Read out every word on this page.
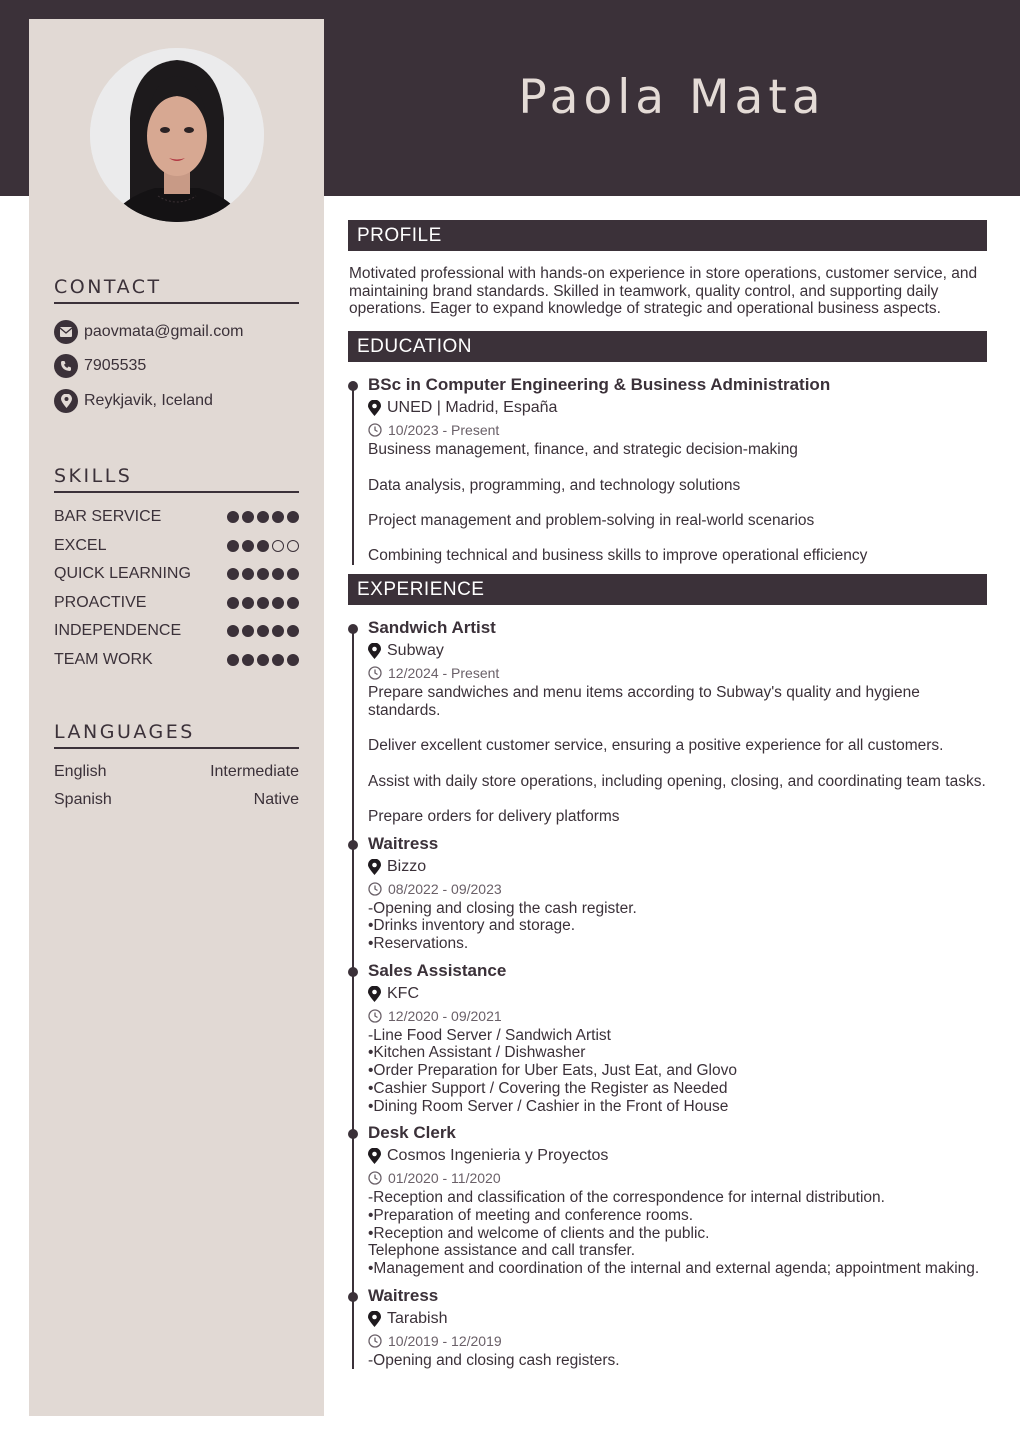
Paola Mata
CONTACT
paovmata@gmail.com
7905535
Reykjavik, Iceland
SKILLS
BAR SERVICE
EXCEL
QUICK LEARNING
PROACTIVE
INDEPENDENCE
TEAM WORK
LANGUAGES
English	Intermediate
Spanish	Native
PROFILE
Motivated professional with hands-on experience in store operations, customer service, and maintaining brand standards. Skilled in teamwork, quality control, and supporting daily operations. Eager to expand knowledge of strategic and operational business aspects.
EDUCATION
BSc in Computer Engineering & Business Administration
UNED | Madrid, España
10/2023 - Present
Business management, finance, and strategic decision-making

Data analysis, programming, and technology solutions

Project management and problem-solving in real-world scenarios

Combining technical and business skills to improve operational efficiency
EXPERIENCE
Sandwich Artist
Subway
12/2024 - Present
Prepare sandwiches and menu items according to Subway's quality and hygiene standards.

Deliver excellent customer service, ensuring a positive experience for all customers.

Assist with daily store operations, including opening, closing, and coordinating team tasks.

Prepare orders for delivery platforms
Waitress
Bizzo
08/2022 - 09/2023
-Opening and closing the cash register.
•Drinks inventory and storage.
•Reservations.
Sales Assistance
KFC
12/2020 - 09/2021
-Line Food Server / Sandwich Artist
•Kitchen Assistant / Dishwasher
•Order Preparation for Uber Eats, Just Eat, and Glovo
•Cashier Support / Covering the Register as Needed
•Dining Room Server / Cashier in the Front of House
Desk Clerk
Cosmos Ingenieria y Proyectos
01/2020 - 11/2020
-Reception and classification of the correspondence for internal distribution.
•Preparation of meeting and conference rooms.
•Reception and welcome of clients and the public.
Telephone assistance and call transfer.
•Management and coordination of the internal and external agenda; appointment making.
Waitress
Tarabish
10/2019 - 12/2019
-Opening and closing cash registers.
